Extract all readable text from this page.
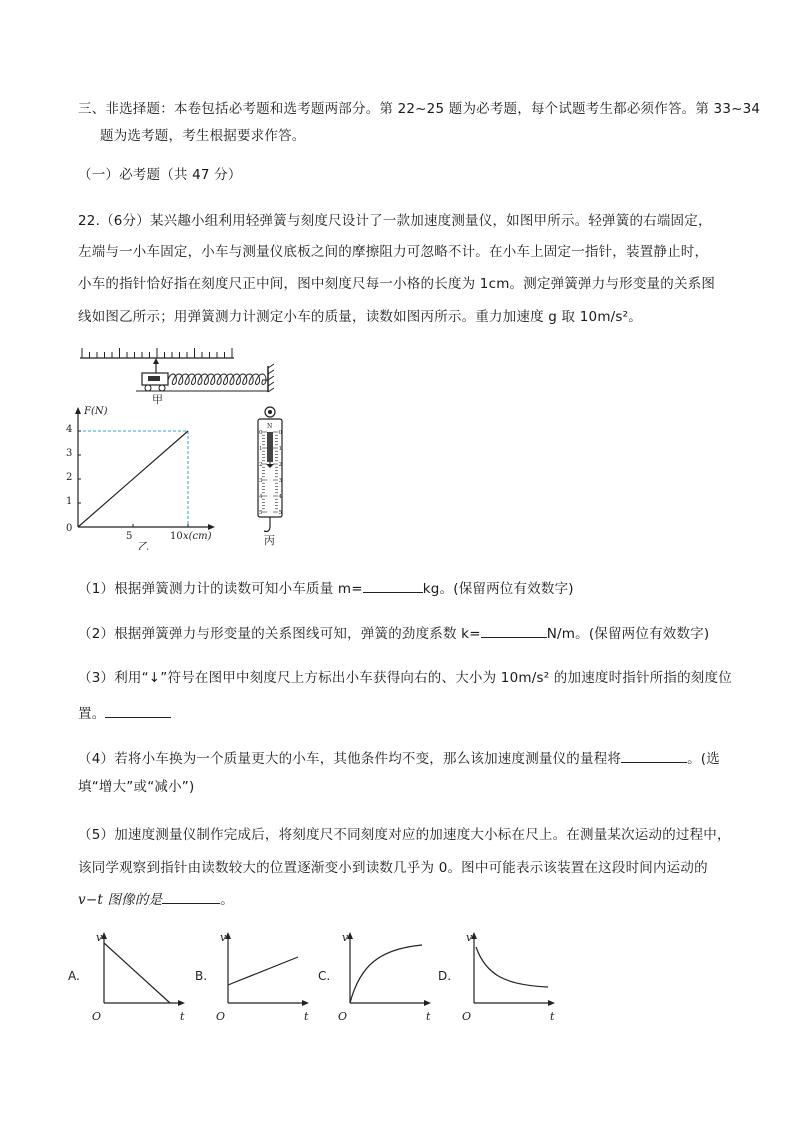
三、非选择题：本卷包括必考题和选考题两部分。第 22~25 题为必考题，每个试题考生都必须作答。第 33~34
题为选考题，考生根据要求作答。
（一）必考题（共 47 分）
22.（6分）某兴趣小组利用轻弹簧与刻度尺设计了一款加速度测量仪，如图甲所示。轻弹簧的右端固定，
左端与一小车固定，小车与测量仪底板之间的摩擦阻力可忽略不计。在小车上固定一指针，装置静止时，
小车的指针恰好指在刻度尺正中间，图中刻度尺每一小格的长度为 1cm。测定弹簧弹力与形变量的关系图
线如图乙所示；用弹簧测力计测定小车的质量，读数如图丙所示。重力加速度 g 取 10m/s²。
甲
F(N)
4
3
2
1
0
5	10 x(cm)
乙
N
0	0
1	1
2	2
3	3
4	4
5	5
丙
（1）根据弹簧测力计的读数可知小车质量 m=	kg。(保留两位有效数字)
（2）根据弹簧弹力与形变量的关系图线可知，弹簧的劲度系数 k=	N/m。(保留两位有效数字)
（3）利用“↓”符号在图甲中刻度尺上方标出小车获得向右的、大小为 10m/s² 的加速度时指针所指的刻度位
置。
（4）若将小车换为一个质量更大的小车，其他条件均不变，那么该加速度测量仪的量程将	。(选
填“增大”或“减小”)
（5）加速度测量仪制作完成后，将刻度尺不同刻度对应的加速度大小标在尺上。在测量某次运动的过程中，
该同学观察到指针由读数较大的位置逐渐变小到读数几乎为 0。图中可能表示该装置在这段时间内运动的
v−t 图像的是	。
A.
v
t
O
B.
v
t
O
C.
v
t
O
D.
v
t
O
